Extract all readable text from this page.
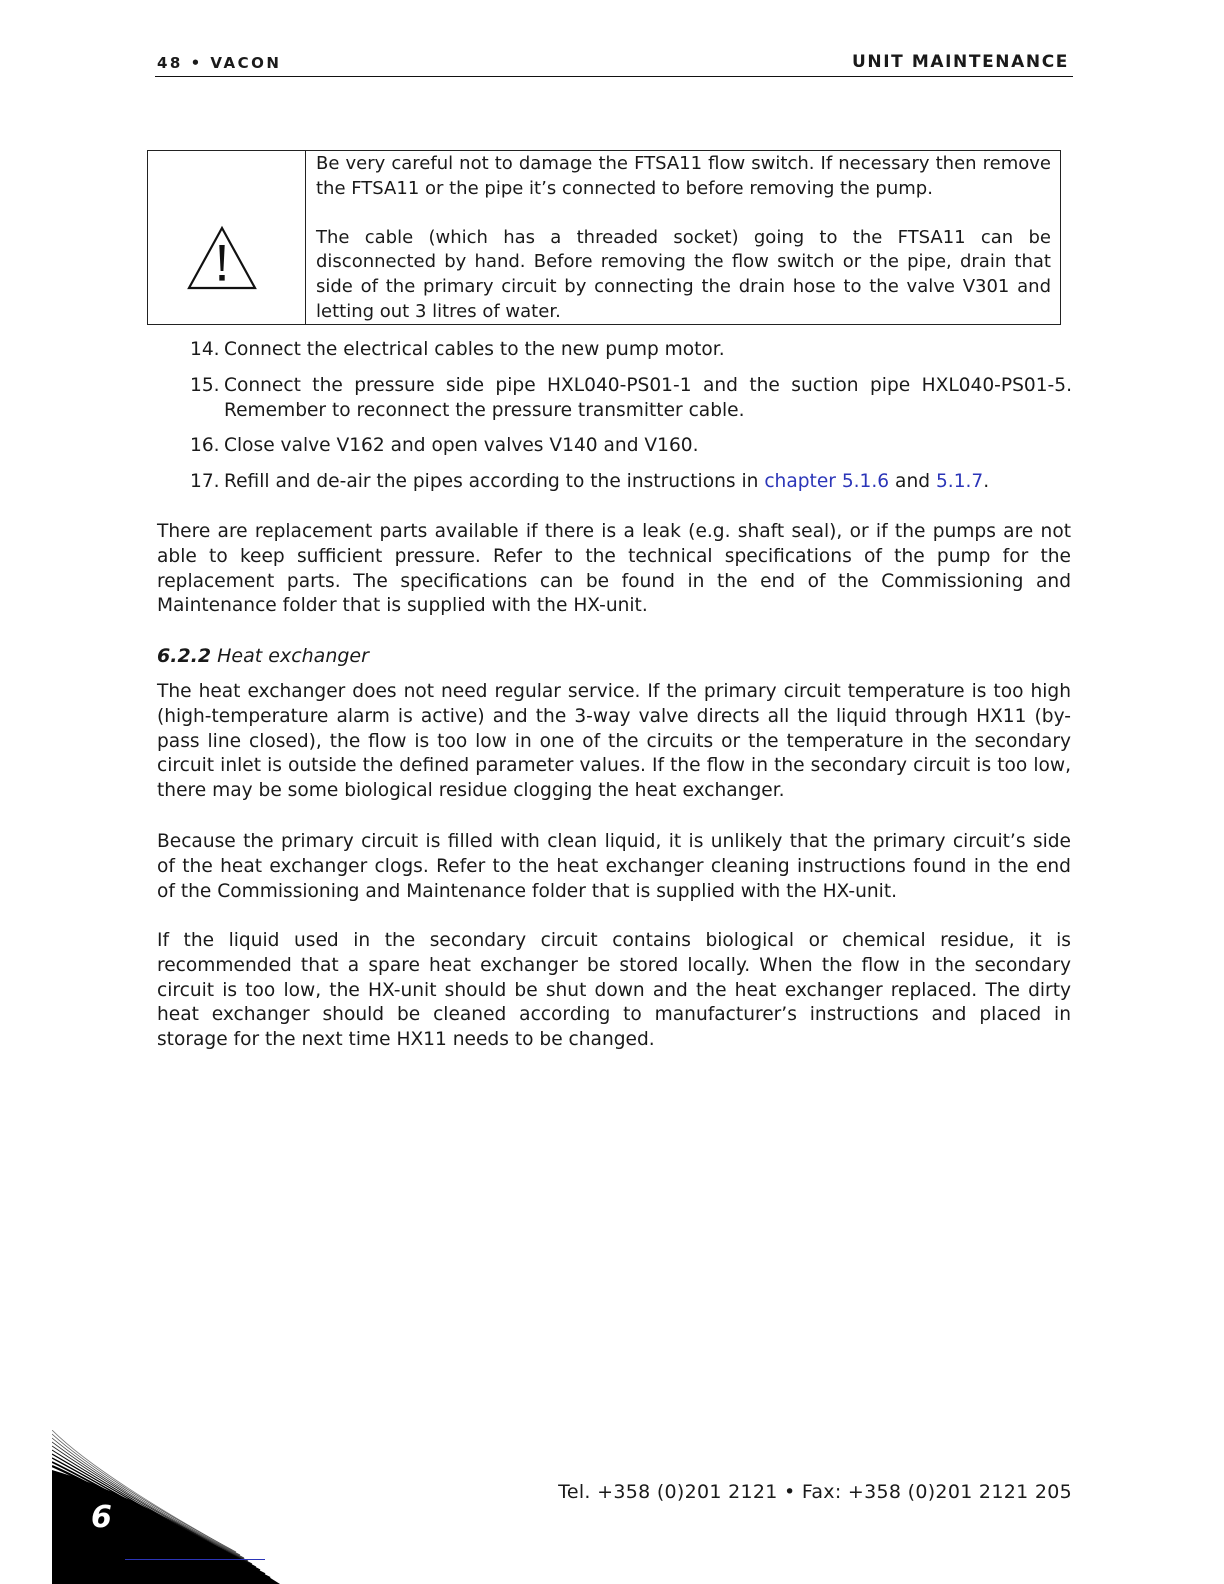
48 • VACON	UNIT MAINTENANCE

Be very careful not to damage the FTSA11 flow switch. If necessary then remove the FTSA11 or the pipe it’s connected to before removing the pump.

The cable (which has a threaded socket) going to the FTSA11 can be disconnected by hand. Before removing the flow switch or the pipe, drain that side of the primary circuit by connecting the drain hose to the valve V301 and letting out 3 litres of water.

14. Connect the electrical cables to the new pump motor.
15. Connect the pressure side pipe HXL040-PS01-1 and the suction pipe HXL040-PS01-5. Remember to reconnect the pressure transmitter cable.
16. Close valve V162 and open valves V140 and V160.
17. Refill and de-air the pipes according to the instructions in chapter 5.1.6 and 5.1.7.

There are replacement parts available if there is a leak (e.g. shaft seal), or if the pumps are not able to keep sufficient pressure. Refer to the technical specifications of the pump for the replacement parts. The specifications can be found in the end of the Commissioning and Maintenance folder that is supplied with the HX-unit.

6.2.2 Heat exchanger

The heat exchanger does not need regular service. If the primary circuit temperature is too high (high-temperature alarm is active) and the 3-way valve directs all the liquid through HX11 (by-pass line closed), the flow is too low in one of the circuits or the temperature in the secondary circuit inlet is outside the defined parameter values. If the flow in the secondary circuit is too low, there may be some biological residue clogging the heat exchanger.

Because the primary circuit is filled with clean liquid, it is unlikely that the primary circuit’s side of the heat exchanger clogs. Refer to the heat exchanger cleaning instructions found in the end of the Commissioning and Maintenance folder that is supplied with the HX-unit.

If the liquid used in the secondary circuit contains biological or chemical residue, it is recommended that a spare heat exchanger be stored locally. When the flow in the secondary circuit is too low, the HX-unit should be shut down and the heat exchanger replaced. The dirty heat exchanger should be cleaned according to manufacturer’s instructions and placed in storage for the next time HX11 needs to be changed.

Tel. +358 (0)201 2121 • Fax: +358 (0)201 2121 205
6
